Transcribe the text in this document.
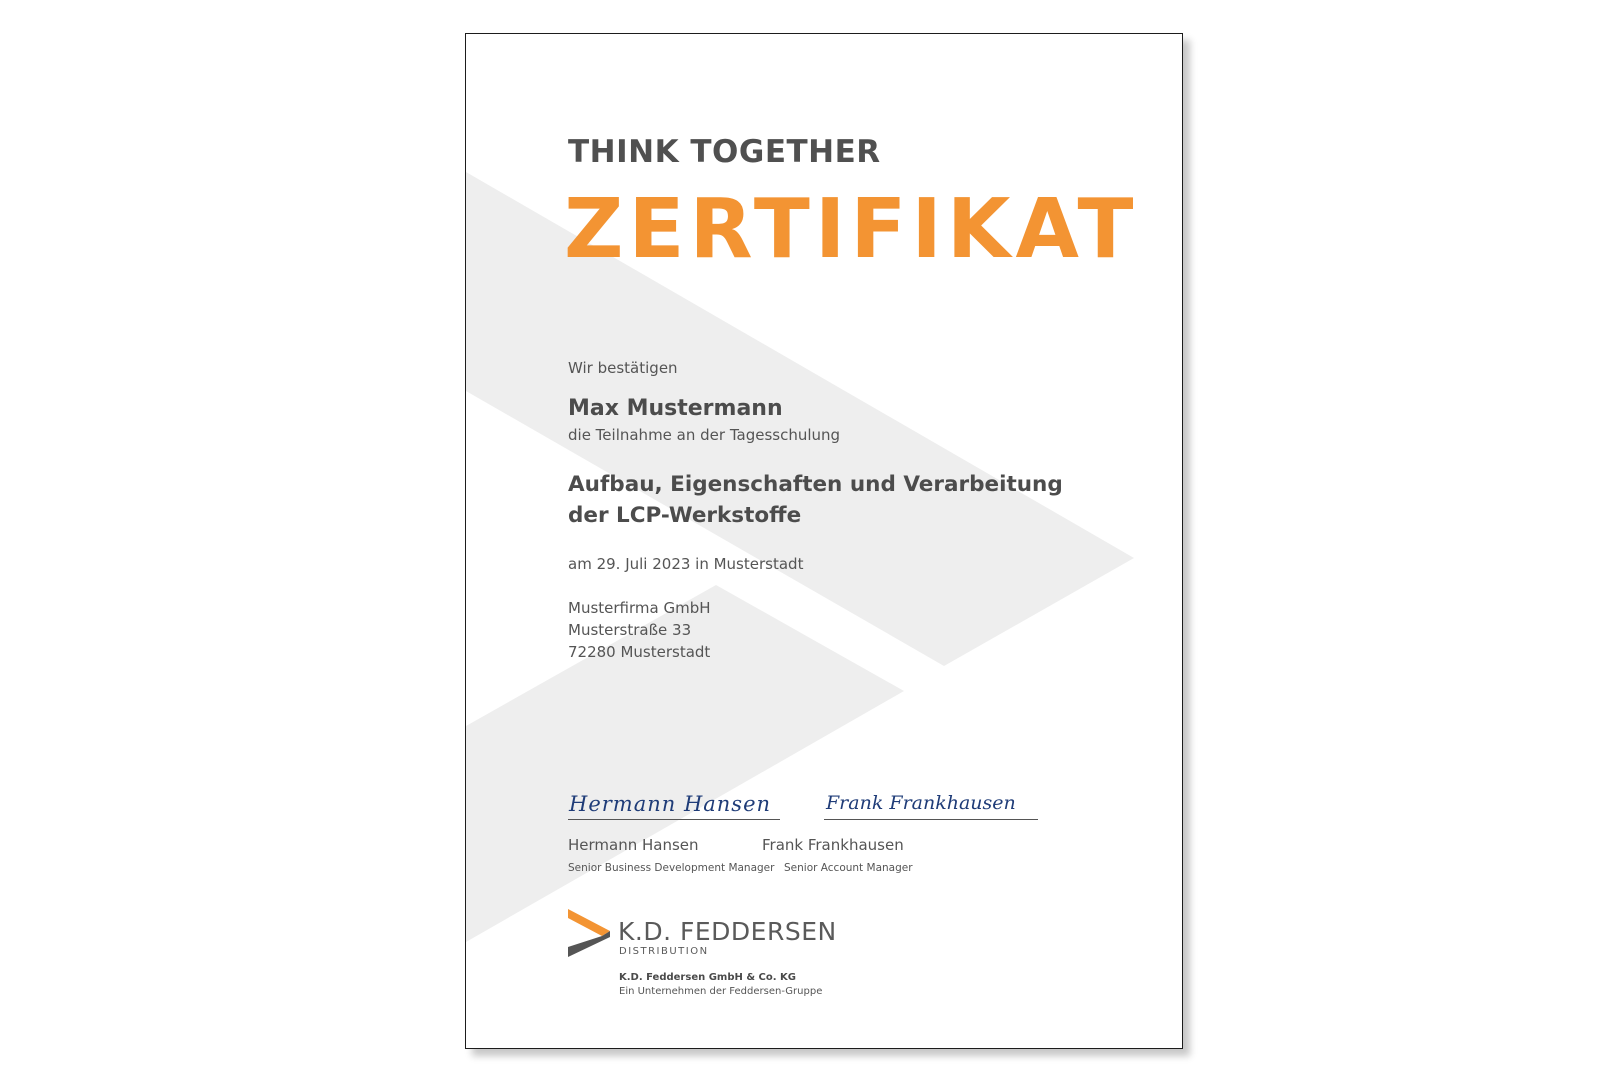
THINK TOGETHER
ZERTIFIKAT
Wir bestätigen
Max Mustermann
die Teilnahme an der Tagesschulung
Aufbau, Eigenschaften und Verarbeitung
der LCP-Werkstoffe
am 29. Juli 2023 in Musterstadt
Musterfirma GmbH
Musterstraße 33
72280 Musterstadt
Hermann Hansen	Frank Frankhausen
Hermann Hansen	Frank Frankhausen
Senior Business Development Manager Senior Account Manager
K.D. FEDDERSEN
DISTRIBUTION
K.D. Feddersen GmbH & Co. KG
Ein Unternehmen der Feddersen-Gruppe
